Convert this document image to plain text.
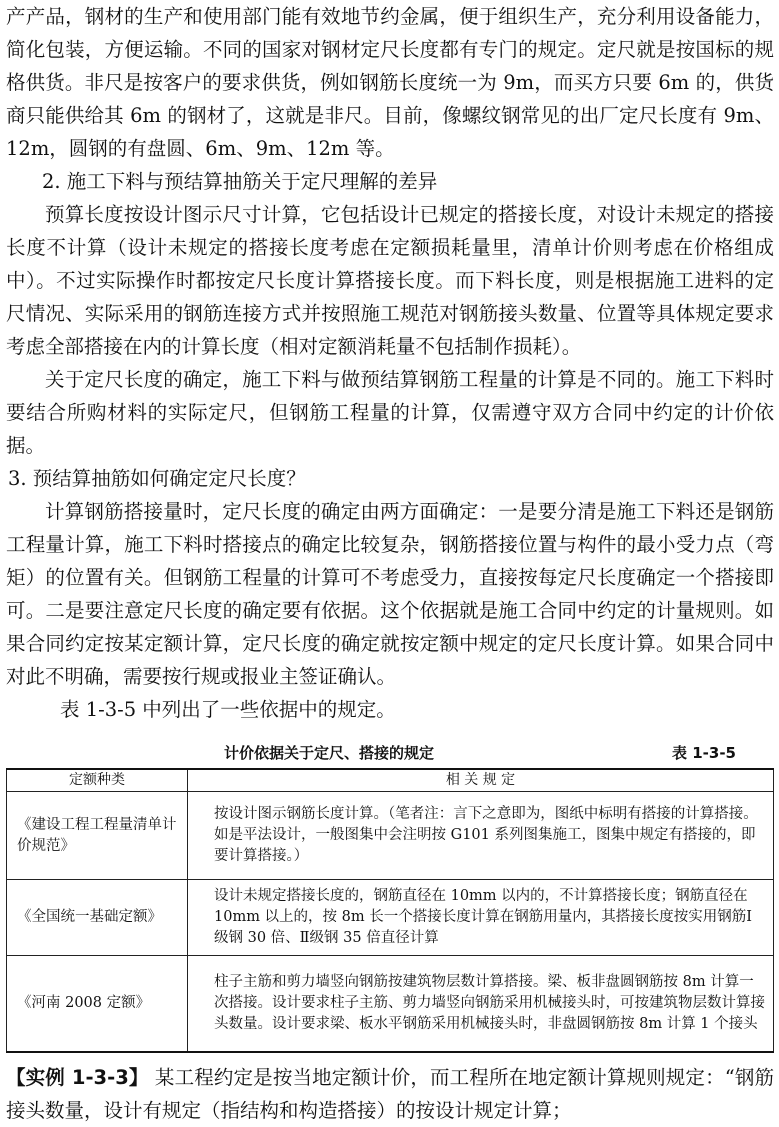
产产品，钢材的生产和使用部门能有效地节约金属，便于组织生产，充分利用设备能力，简化包装，方便运输。不同的国家对钢材定尺长度都有专门的规定。定尺就是按国标的规格供货。非尺是按客户的要求供货，例如钢筋长度统一为 9m，而买方只要 6m 的，供货商只能供给其 6m 的钢材了，这就是非尺。目前，像螺纹钢常见的出厂定尺长度有 9m、12m，圆钢的有盘圆、6m、9m、12m 等。

2. 施工下料与预结算抽筋关于定尺理解的差异

预算长度按设计图示尺寸计算，它包括设计已规定的搭接长度，对设计未规定的搭接长度不计算（设计未规定的搭接长度考虑在定额损耗量里，清单计价则考虑在价格组成中）。不过实际操作时都按定尺长度计算搭接长度。而下料长度，则是根据施工进料的定尺情况、实际采用的钢筋连接方式并按照施工规范对钢筋接头数量、位置等具体规定要求考虑全部搭接在内的计算长度（相对定额消耗量不包括制作损耗）。

关于定尺长度的确定，施工下料与做预结算钢筋工程量的计算是不同的。施工下料时要结合所购材料的实际定尺，但钢筋工程量的计算，仅需遵守双方合同中约定的计价依据。

3. 预结算抽筋如何确定定尺长度？

计算钢筋搭接量时，定尺长度的确定由两方面确定：一是要分清是施工下料还是钢筋工程量计算，施工下料时搭接点的确定比较复杂，钢筋搭接位置与构件的最小受力点（弯矩）的位置有关。但钢筋工程量的计算可不考虑受力，直接按每定尺长度确定一个搭接即可。二是要注意定尺长度的确定要有依据。这个依据就是施工合同中约定的计量规则。如果合同约定按某定额计算，定尺长度的确定就按定额中规定的定尺长度计算。如果合同中对此不明确，需要按行规或报业主签证确认。

表 1-3-5 中列出了一些依据中的规定。

计价依据关于定尺、搭接的规定	表 1-3-5
定额种类	相 关 规 定
《建设工程工程量清单计价规范》	按设计图示钢筋长度计算。（笔者注：言下之意即为，图纸中标明有搭接的计算搭接。如是平法设计，一般图集中会注明按 G101 系列图集施工，图集中规定有搭接的，即要计算搭接。）
《全国统一基础定额》	设计未规定搭接长度的，钢筋直径在 10mm 以内的，不计算搭接长度；钢筋直径在 10mm 以上的，按 8m 长一个搭接长度计算在钢筋用量内，其搭接长度按实用钢筋Ⅰ级钢 30 倍、Ⅱ级钢 35 倍直径计算
《河南 2008 定额》	柱子主筋和剪力墙竖向钢筋按建筑物层数计算搭接。梁、板非盘圆钢筋按 8m 计算一次搭接。设计要求柱子主筋、剪力墙竖向钢筋采用机械接头时，可按建筑物层数计算接头数量。设计要求梁、板水平钢筋采用机械接头时，非盘圆钢筋按 8m 计算 1 个接头

【实例 1-3-3】 某工程约定是按当地定额计价，而工程所在地定额计算规则规定：“钢筋接头数量，设计有规定（指结构和构造搭接）的按设计规定计算；
